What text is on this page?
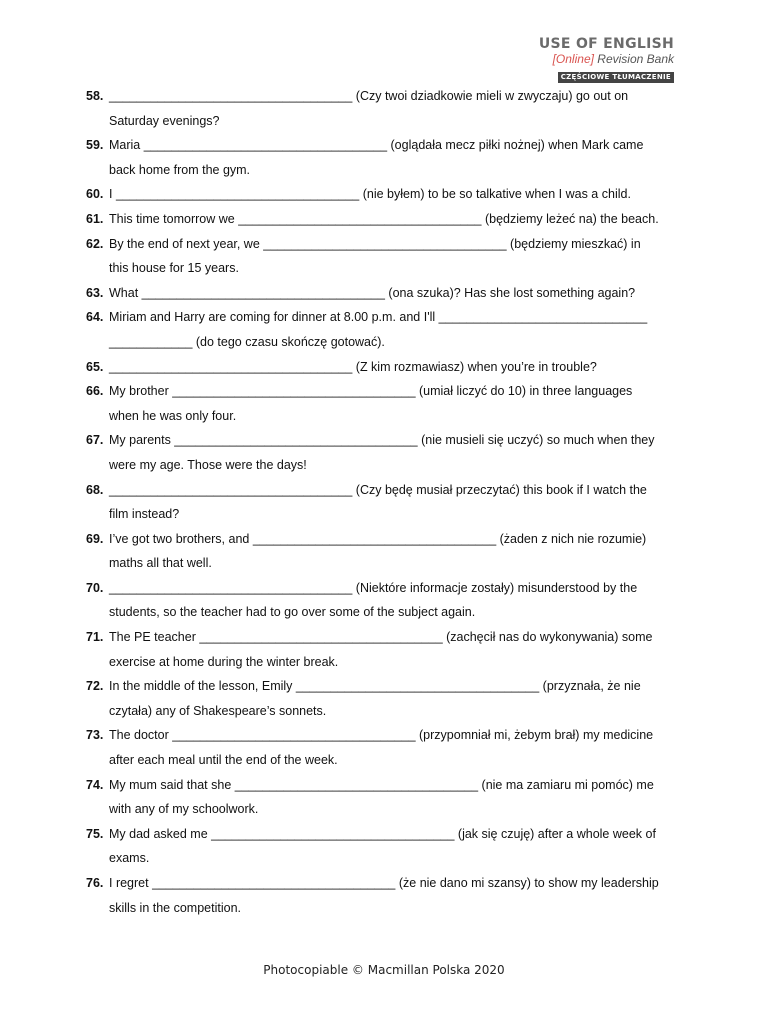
USE OF ENGLISH
[Online] Revision Bank
CZĘŚCIOWE TŁUMACZENIE
58. ___________________________________ (Czy twoi dziadkowie mieli w zwyczaju) go out on
Saturday evenings?
59. Maria ___________________________________ (oglądała mecz piłki nożnej) when Mark came
back home from the gym.
60. I ___________________________________ (nie byłem) to be so talkative when I was a child.
61. This time tomorrow we ___________________________________ (będziemy leżeć na) the beach.
62. By the end of next year, we ___________________________________ (będziemy mieszkać) in
this house for 15 years.
63. What ___________________________________ (ona szuka)? Has she lost something again?
64. Miriam and Harry are coming for dinner at 8.00 p.m. and I'll ______________________________
____________ (do tego czasu skończę gotować).
65. ___________________________________ (Z kim rozmawiasz) when you’re in trouble?
66. My brother ___________________________________ (umiał liczyć do 10) in three languages
when he was only four.
67. My parents ___________________________________ (nie musieli się uczyć) so much when they
were my age. Those were the days!
68. ___________________________________ (Czy będę musiał przeczytać) this book if I watch the
film instead?
69. I’ve got two brothers, and ___________________________________ (żaden z nich nie rozumie)
maths all that well.
70. ___________________________________ (Niektóre informacje zostały) misunderstood by the
students, so the teacher had to go over some of the subject again.
71. The PE teacher ___________________________________ (zachęcił nas do wykonywania) some
exercise at home during the winter break.
72. In the middle of the lesson, Emily ___________________________________ (przyznała, że nie
czytała) any of Shakespeare’s sonnets.
73. The doctor ___________________________________ (przypomniał mi, żebym brał) my medicine
after each meal until the end of the week.
74. My mum said that she ___________________________________ (nie ma zamiaru mi pomóc) me
with any of my schoolwork.
75. My dad asked me ___________________________________ (jak się czuję) after a whole week of
exams.
76. I regret ___________________________________ (że nie dano mi szansy) to show my leadership
skills in the competition.
Photocopiable © Macmillan Polska 2020
